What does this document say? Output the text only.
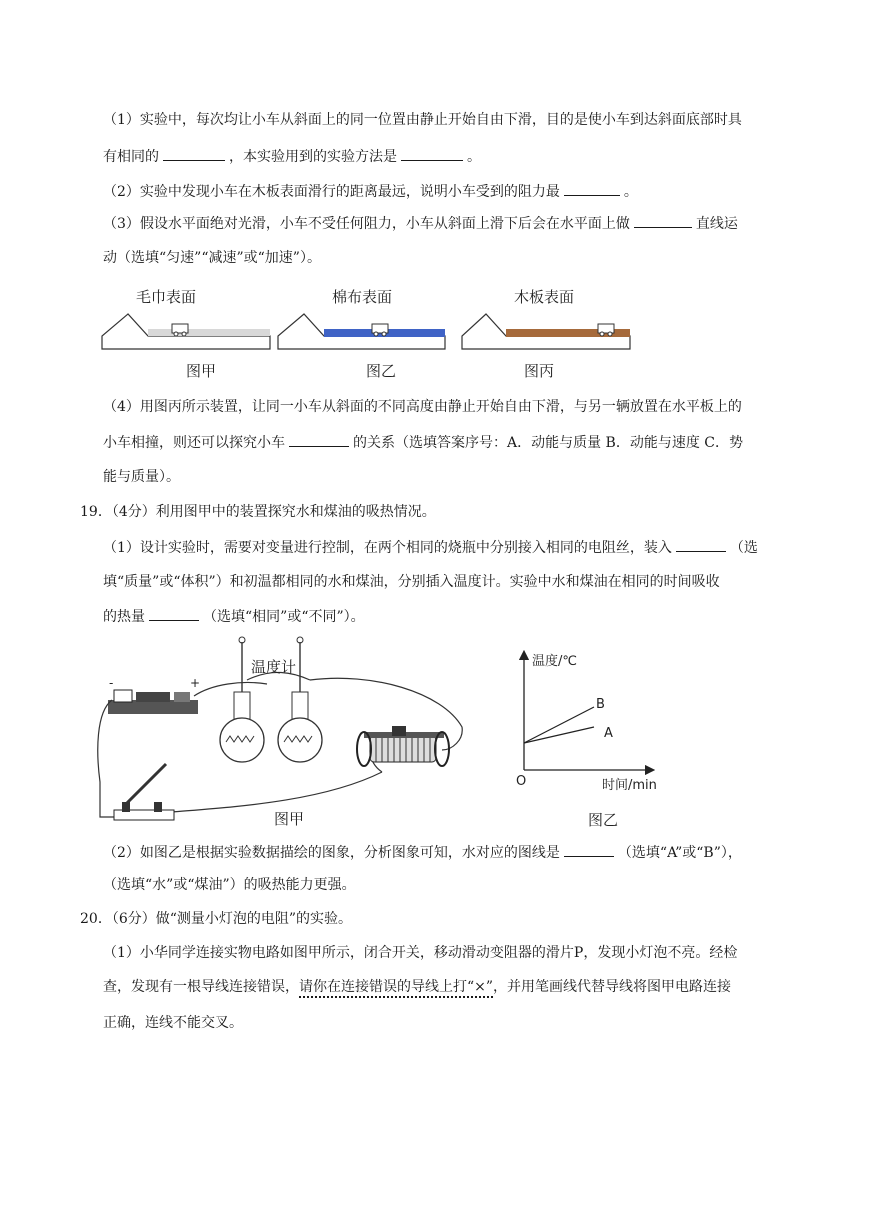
（1）实验中，每次均让小车从斜面上的同一位置由静止开始自由下滑，目的是使小车到达斜面底部时具
有相同的	，本实验用到的实验方法是	。
（2）实验中发现小车在木板表面滑行的距离最远，说明小车受到的阻力最	。
（3）假设水平面绝对光滑，小车不受任何阻力，小车从斜面上滑下后会在水平面上做	直线运
动（选填“匀速”“减速”或“加速”）。
毛巾表面	棉布表面	木板表面
图甲	图乙	图丙
（4）用图丙所示装置，让同一小车从斜面的不同高度由静止开始自由下滑，与另一辆放置在水平板上的
小车相撞，则还可以探究小车	的关系（选填答案序号：A．动能与质量 B．动能与速度 C．势
能与质量）。
19．（4分）利用图甲中的装置探究水和煤油的吸热情况。
（1）设计实验时，需要对变量进行控制，在两个相同的烧瓶中分别接入相同的电阻丝，装入	（选
填“质量”或“体积”）和初温都相同的水和煤油，分别插入温度计。实验中水和煤油在相同的时间吸收
的热量	（选填“相同”或“不同”）。
-	+
温度计
图甲
温度/℃
时间/min
O
B
A
图乙
（2）如图乙是根据实验数据描绘的图象，分析图象可知，水对应的图线是	（选填“A”或“B”），
（选填“水”或“煤油”）的吸热能力更强。
20．（6分）做“测量小灯泡的电阻”的实验。
（1）小华同学连接实物电路如图甲所示，闭合开关，移动滑动变阻器的滑片P，发现小灯泡不亮。经检
查，发现有一根导线连接错误，请你在连接错误的导线上打“×”，并用笔画线代替导线将图甲电路连接
正确，连线不能交叉。
